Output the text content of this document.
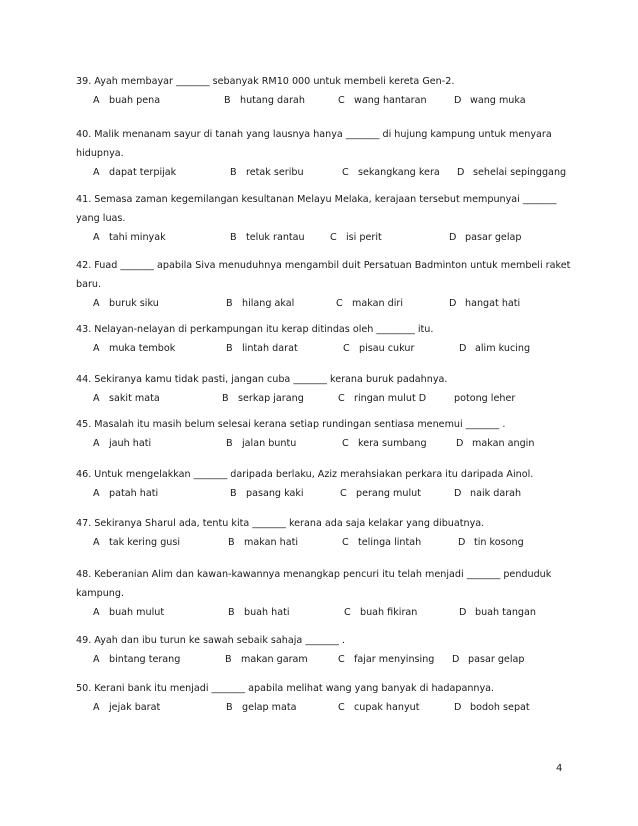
39. Ayah membayar _______ sebanyak RM10 000 untuk membeli kereta Gen-2.
A buah pena	B hutang darah	C wang hantaran	D wang muka
40. Malik menanam sayur di tanah yang lausnya hanya _______ di hujung kampung untuk menyara hidupnya.
A dapat terpijak	B retak seribu	C sekangkang kera D sehelai sepinggang
41. Semasa zaman kegemilangan kesultanan Melayu Melaka, kerajaan tersebut mempunyai _______ yang luas.
A tahi minyak	B teluk rantau	C isi perit	D pasar gelap
42. Fuad _______ apabila Siva menuduhnya mengambil duit Persatuan Badminton untuk membeli raket baru.
A buruk siku	B hilang akal	C makan diri	D hangat hati
43. Nelayan-nelayan di perkampungan itu kerap ditindas oleh ________ itu.
A muka tembok	B lintah darat	C pisau cukur	D alim kucing
44. Sekiranya kamu tidak pasti, jangan cuba _______ kerana buruk padahnya.
A sakit mata	B serkap jarang	C ringan mulut D	potong leher
45. Masalah itu masih belum selesai kerana setiap rundingan sentiasa menemui _______ .
A jauh hati	B jalan buntu	C kera sumbang	D makan angin
46. Untuk mengelakkan _______ daripada berlaku, Aziz merahsiakan perkara itu daripada Ainol.
A patah hati	B pasang kaki	C perang mulut	D naik darah
47. Sekiranya Sharul ada, tentu kita _______ kerana ada saja kelakar yang dibuatnya.
A tak kering gusi	B makan hati	C telinga lintah	D tin kosong
48. Keberanian Alim dan kawan-kawannya menangkap pencuri itu telah menjadi _______ penduduk kampung.
A buah mulut	B buah hati	C buah fikiran	D buah tangan
49. Ayah dan ibu turun ke sawah sebaik sahaja _______ .
A bintang terang	B makan garam	C fajar menyinsing D pasar gelap
50. Kerani bank itu menjadi _______ apabila melihat wang yang banyak di hadapannya.
A jejak barat	B gelap mata	C cupak hanyut	D bodoh sepat
4
